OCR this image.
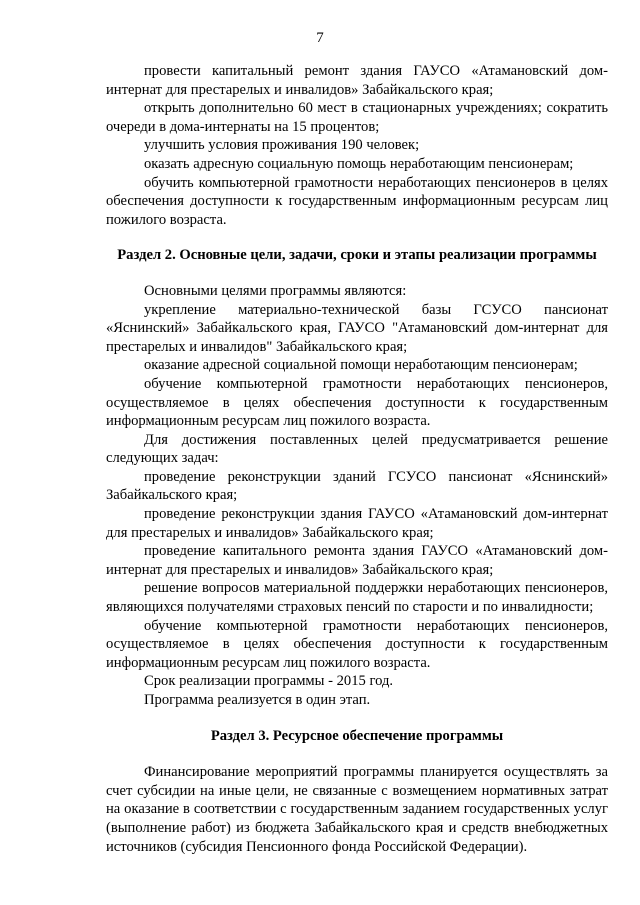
7

провести капитальный ремонт здания ГАУСО «Атамановский дом-интернат для престарелых и инвалидов» Забайкальского края;

открыть дополнительно 60 мест в стационарных учреждениях; сократить очереди в дома-интернаты на 15 процентов;

улучшить условия проживания 190 человек;

оказать адресную социальную помощь неработающим пенсионерам;

обучить компьютерной грамотности неработающих пенсионеров в целях обеспечения доступности к государственным информационным ресурсам лиц пожилого возраста.

Раздел 2. Основные цели, задачи, сроки и этапы реализации программы

Основными целями программы являются:

укрепление материально-технической базы ГСУСО пансионат «Яснинский» Забайкальского края, ГАУСО "Атамановский дом-интернат для престарелых и инвалидов" Забайкальского края;

оказание адресной социальной помощи неработающим пенсионерам;

обучение компьютерной грамотности неработающих пенсионеров, осуществляемое в целях обеспечения доступности к государственным информационным ресурсам лиц пожилого возраста.

Для достижения поставленных целей предусматривается решение следующих задач:

проведение реконструкции зданий ГСУСО пансионат «Яснинский» Забайкальского края;

проведение реконструкции здания ГАУСО «Атамановский дом-интернат для престарелых и инвалидов» Забайкальского края;

проведение капитального ремонта здания ГАУСО «Атамановский дом-интернат для престарелых и инвалидов» Забайкальского края;

решение вопросов материальной поддержки неработающих пенсионеров, являющихся получателями страховых пенсий по старости и по инвалидности;

обучение компьютерной грамотности неработающих пенсионеров, осуществляемое в целях обеспечения доступности к государственным информационным ресурсам лиц пожилого возраста.

Срок реализации программы - 2015 год.

Программа реализуется в один этап.

Раздел 3. Ресурсное обеспечение программы

Финансирование мероприятий программы планируется осуществлять за счет субсидии на иные цели, не связанные с возмещением нормативных затрат на оказание в соответствии с государственным заданием государственных услуг (выполнение работ) из бюджета Забайкальского края и средств внебюджетных источников (субсидия Пенсионного фонда Российской Федерации).
